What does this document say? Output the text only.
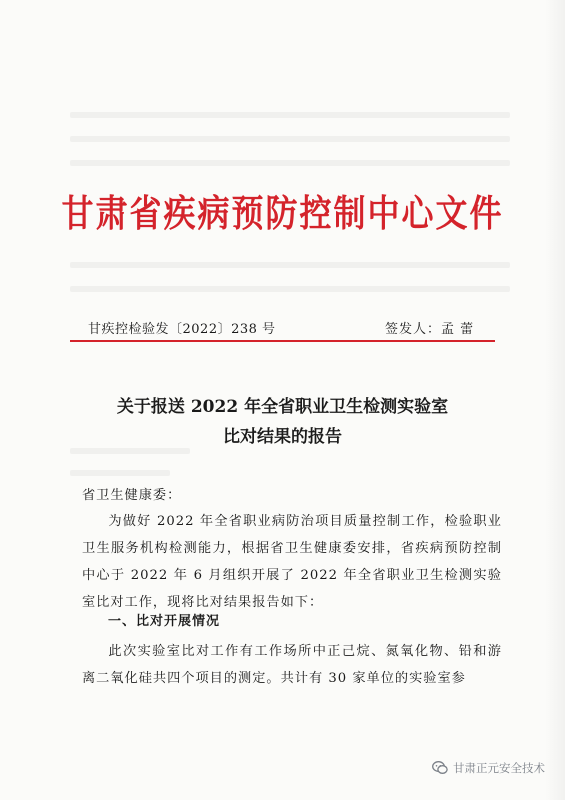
甘肃省疾病预防控制中心文件
甘疾控检验发〔2022〕238 号	签发人：孟 蕾
关于报送 2022 年全省职业卫生检测实验室
比对结果的报告
省卫生健康委：
为做好 2022 年全省职业病防治项目质量控制工作，检验职业卫生服务机构检测能力，根据省卫生健康委安排，省疾病预防控制中心于 2022 年 6 月组织开展了 2022 年全省职业卫生检测实验室比对工作，现将比对结果报告如下：
一、比对开展情况
此次实验室比对工作有工作场所中正己烷、氮氧化物、铅和游离二氧化硅共四个项目的测定。共计有 30 家单位的实验室参
甘肃正元安全技术
